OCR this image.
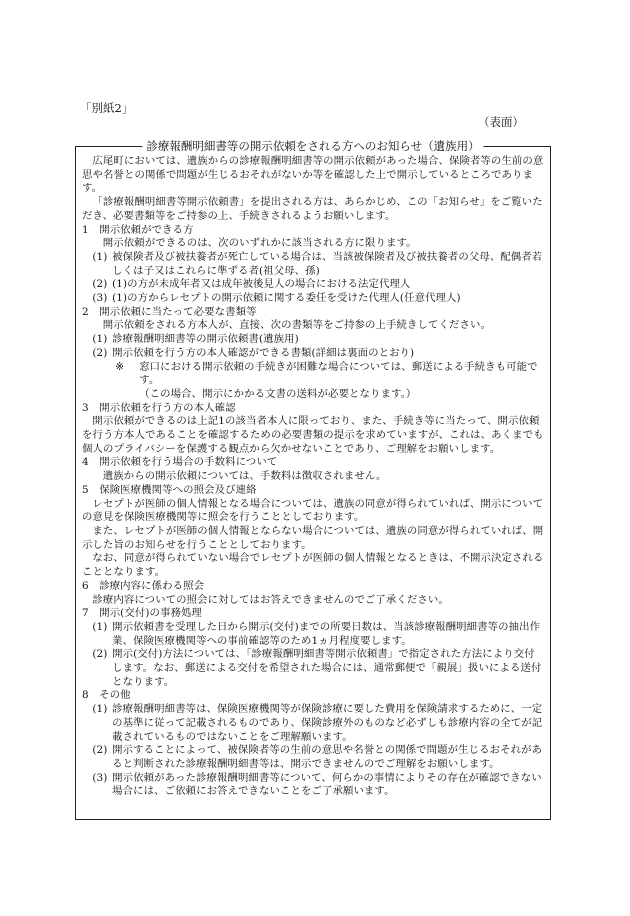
「別紙2」
（表面）
診療報酬明細書等の開示依頼をされる方へのお知らせ（遺族用）

広尾町においては、遺族からの診療報酬明細書等の開示依頼があった場合、保険者等の生前の意思や名誉との関係で問題が生じるおそれがないか等を確認した上で開示しているところであります。

「診療報酬明細書等開示依頼書」を提出される方は、あらかじめ、この「お知らせ」をご覧いただき、必要書類等をご持参の上、手続きされるようお願いします。

1　開示依頼ができる方

開示依頼ができるのは、次のいずれかに該当される方に限ります。

(1) 被保険者及び被扶養者が死亡している場合は、当該被保険者及び被扶養者の父母、配偶者若しくは子又はこれらに準ずる者(祖父母、孫)
(2) (1)の方が未成年者又は成年被後見人の場合における法定代理人
(3) (1)の方からレセプトの開示依頼に関する委任を受けた代理人(任意代理人)

2　開示依頼に当たって必要な書類等

開示依頼をされる方本人が、直接、次の書類等をご持参の上手続きしてください。

(1) 診療報酬明細書等の開示依頼書(遺族用)
(2) 開示依頼を行う方の本人確認ができる書類(詳細は裏面のとおり)
※ 窓口における開示依頼の手続きが困難な場合については、郵送による手続きも可能です。

（この場合、開示にかかる文書の送料が必要となります。）

3　開示依頼を行う方の本人確認

開示依頼ができるのは上記1の該当者本人に限っており、また、手続き等に当たって、開示依頼を行う方本人であることを確認するための必要書類の提示を求めていますが、これは、あくまでも個人のプライバシーを保護する観点から欠かせないことであり、ご理解をお願いします。

4　開示依頼を行う場合の手数料について

遺族からの開示依頼については、手数料は徴収されません。

5　保険医療機関等への照会及び連絡

レセプトが医師の個人情報となる場合については、遺族の同意が得られていれば、開示についての意見を保険医療機関等に照会を行うこととしております。

また、レセプトが医師の個人情報とならない場合については、遺族の同意が得られていれば、開示した旨のお知らせを行うこととしております。

なお、同意が得られていない場合でレセプトが医師の個人情報となるときは、不開示決定されることとなります。

6　診療内容に係わる照会

診療内容についての照会に対してはお答えできませんのでご了承ください。

7　開示(交付)の事務処理

(1) 開示依頼書を受理した日から開示(交付)までの所要日数は、当該診療報酬明細書等の抽出作業、保険医療機関等への事前確認等のため1ヵ月程度要します。
(2) 開示(交付)方法については、「診療報酬明細書等開示依頼書」で指定された方法により交付します。なお、郵送による交付を希望された場合には、通常郵便で「親展」扱いによる送付となります。

8　その他

(1) 診療報酬明細書等は、保険医療機関等が保険診療に要した費用を保険請求するために、一定の基準に従って記載されるものであり、保険診療外のものなど必ずしも診療内容の全てが記載されているものではないことをご理解願います。
(2) 開示することによって、被保険者等の生前の意思や名誉との関係で問題が生じるおそれがあると判断された診療報酬明細書等は、開示できませんのでご理解をお願いします。
(3) 開示依頼があった診療報酬明細書等について、何らかの事情によりその存在が確認できない場合には、ご依頼にお答えできないことをご了承願います。
